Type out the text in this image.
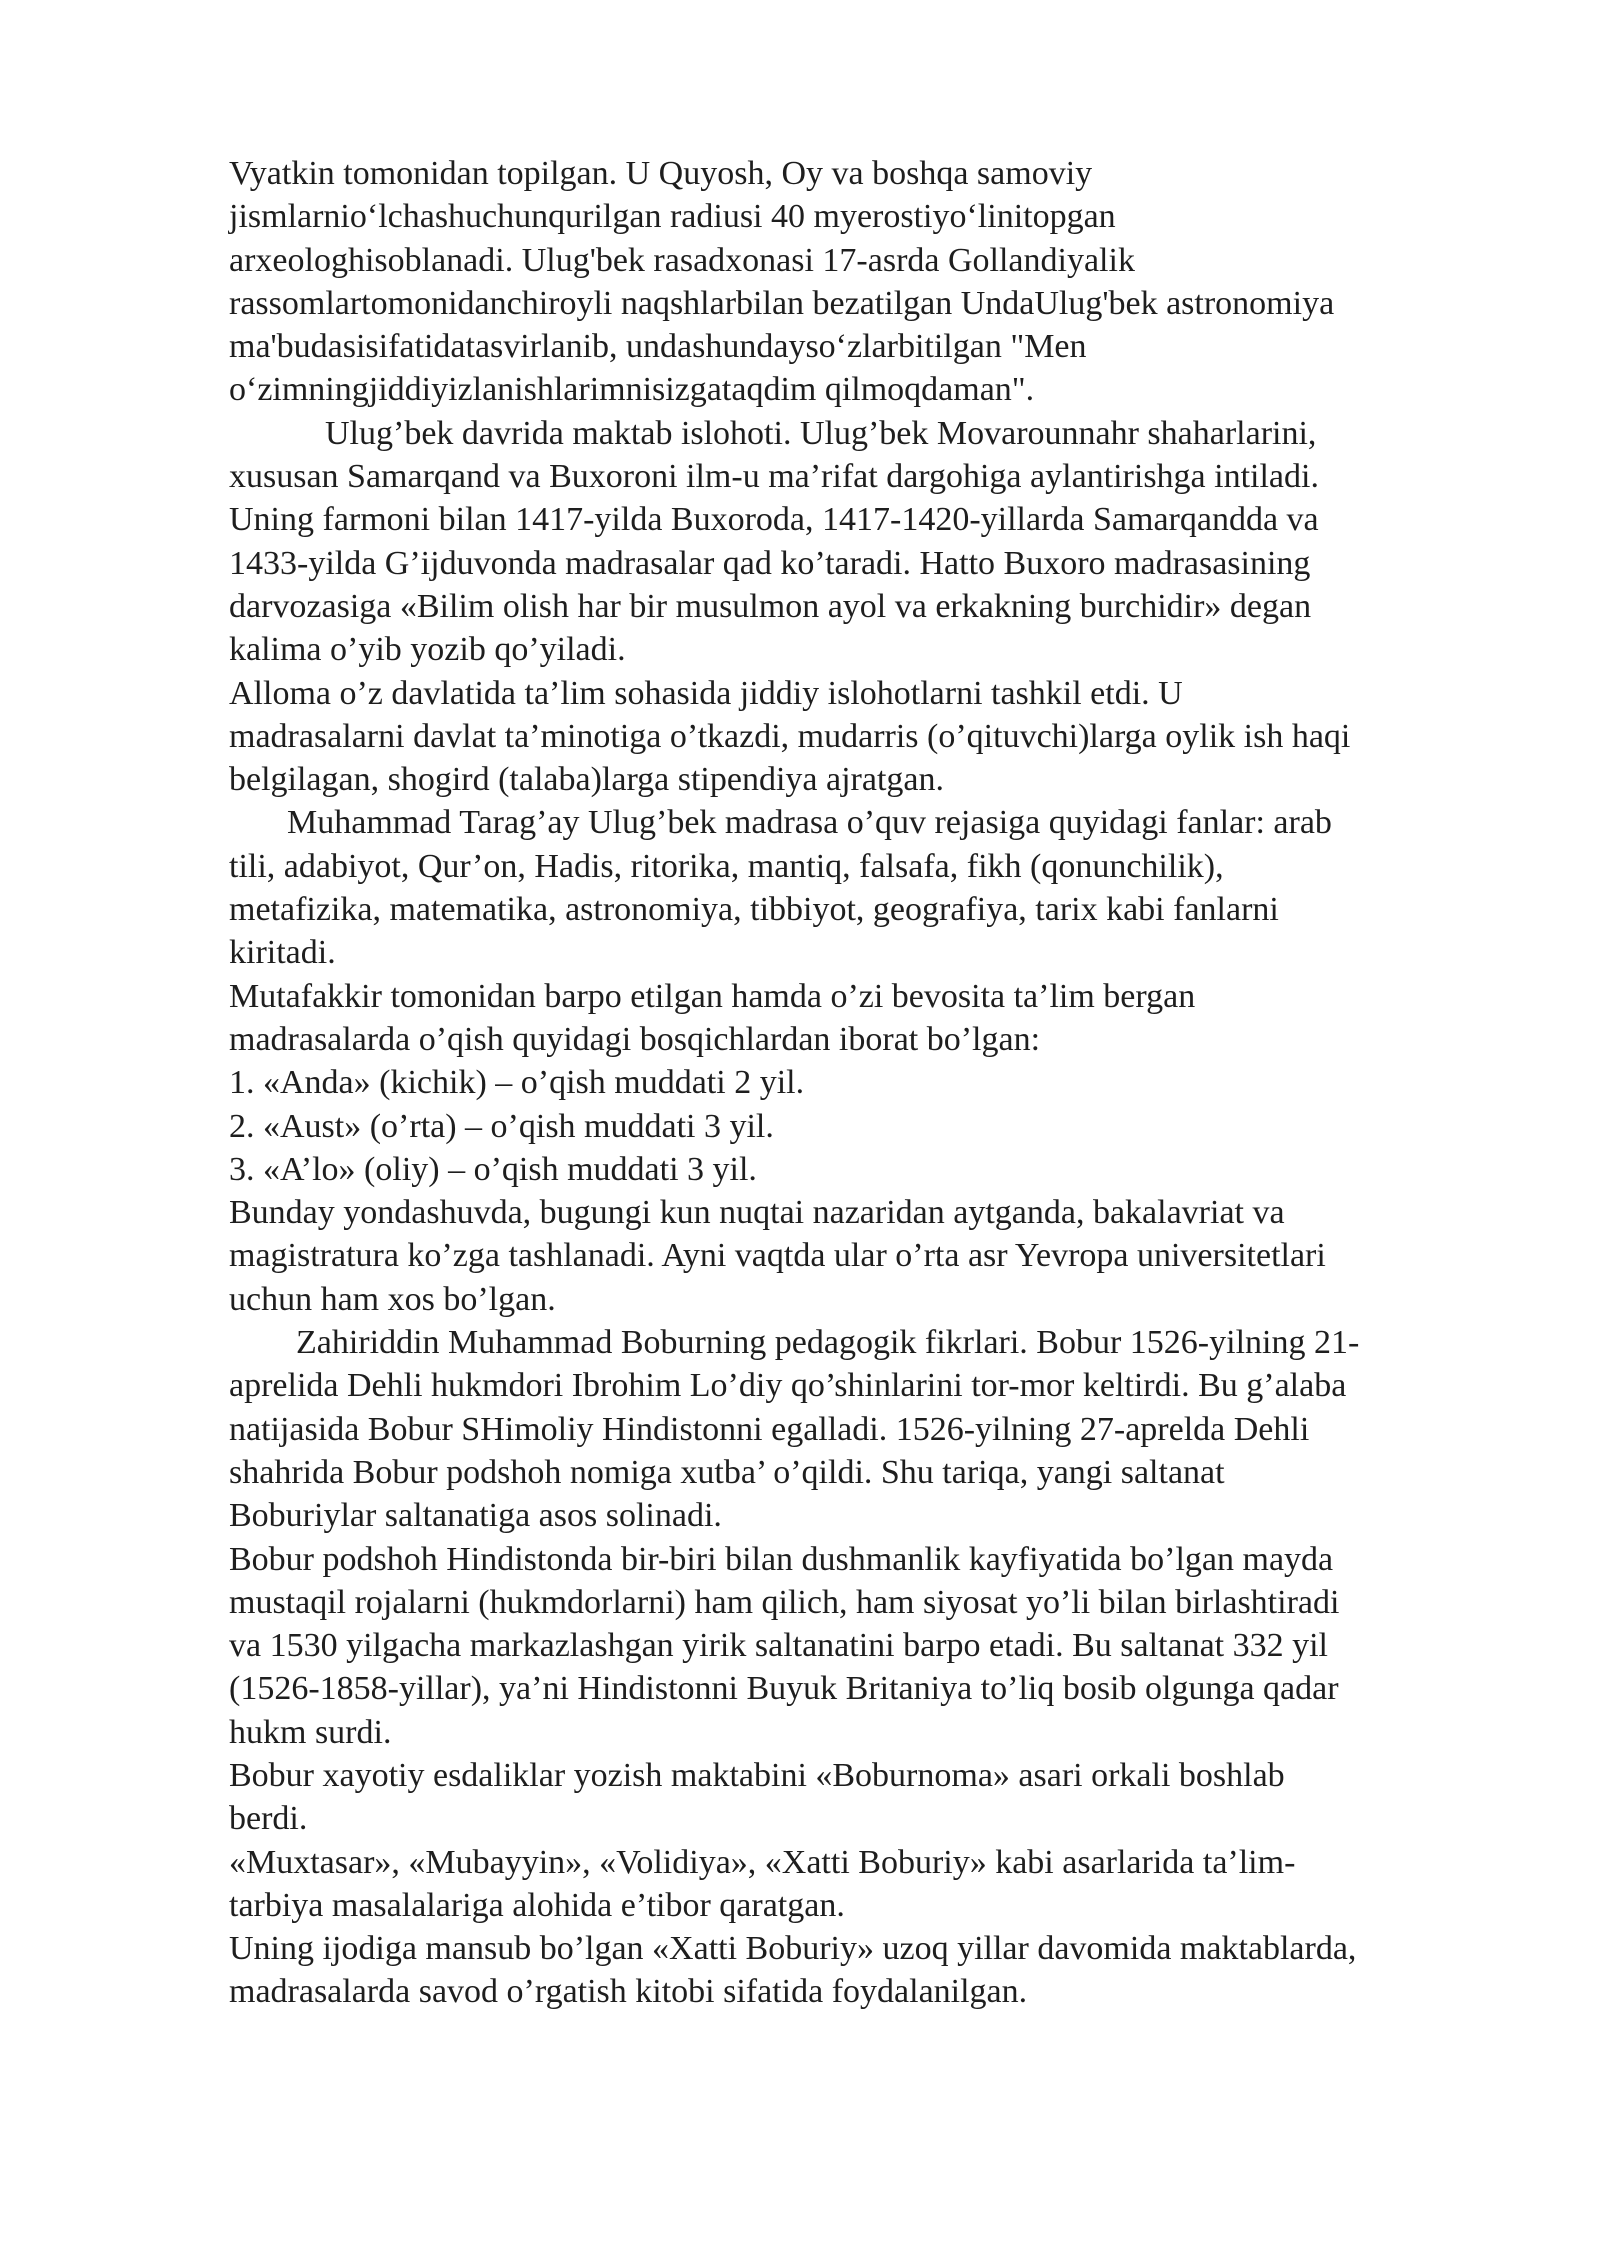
Vyatkin tomonidan topilgan. U Quyosh, Oy va boshqa samoviy

jismlarnio‘lchashuchunqurilgan radiusi 40 myerostiyo‘linitopgan

arxeologhisoblanadi. Ulug'bek rasadxonasi 17-asrda Gollandiyalik

rassomlartomonidanchiroyli naqshlarbilan bezatilgan UndaUlug'bek astronomiya

ma'budasisifatidatasvirlanib, undashundayso‘zlarbitilgan "Men

o‘zimningjiddiyizlanishlarimnisizgataqdim qilmoqdaman".

Ulug’bek davrida maktab islohoti. Ulug’bek Movarounnahr shaharlarini,

xususan Samarqand va Buxoroni ilm-u ma’rifat dargohiga aylantirishga intiladi.

Uning farmoni bilan 1417-yilda Buxoroda, 1417-1420-yillarda Samarqandda va

1433-yilda G’ijduvonda madrasalar qad ko’taradi. Hatto Buxoro madrasasining

darvozasiga «Bilim olish har bir musulmon ayol va erkakning burchidir» degan

kalima o’yib yozib qo’yiladi.

Alloma o’z davlatida ta’lim sohasida jiddiy islohotlarni tashkil etdi. U

madrasalarni davlat ta’minotiga o’tkazdi, mudarris (o’qituvchi)larga oylik ish haqi

belgilagan, shogird (talaba)larga stipendiya ajratgan.

Muhammad Tarag’ay Ulug’bek madrasa o’quv rejasiga quyidagi fanlar: arab

tili, adabiyot, Qur’on, Hadis, ritorika, mantiq, falsafa, fikh (qonunchilik),

metafizika, matematika, astronomiya, tibbiyot, geografiya, tarix kabi fanlarni

kiritadi.

Mutafakkir tomonidan barpo etilgan hamda o’zi bevosita ta’lim bergan

madrasalarda o’qish quyidagi bosqichlardan iborat bo’lgan:

1. «Anda» (kichik) – o’qish muddati 2 yil.

2. «Aust» (o’rta) – o’qish muddati 3 yil.

3. «A’lo» (oliy) – o’qish muddati 3 yil.

Bunday yondashuvda, bugungi kun nuqtai nazaridan aytganda, bakalavriat va

magistratura ko’zga tashlanadi. Ayni vaqtda ular o’rta asr Yevropa universitetlari

uchun ham xos bo’lgan.

Zahiriddin Muhammad Boburning pedagogik fikrlari. Bobur 1526-yilning 21-

aprelida Dehli hukmdori Ibrohim Lo’diy qo’shinlarini tor-mor keltirdi. Bu g’alaba

natijasida Bobur SHimoliy Hindistonni egalladi. 1526-yilning 27-aprelda Dehli

shahrida Bobur podshoh nomiga xutba’ o’qildi. Shu tariqa, yangi saltanat

Boburiylar saltanatiga asos solinadi.

Bobur podshoh Hindistonda bir-biri bilan dushmanlik kayfiyatida bo’lgan mayda

mustaqil rojalarni (hukmdorlarni) ham qilich, ham siyosat yo’li bilan birlashtiradi

va 1530 yilgacha markazlashgan yirik saltanatini barpo etadi. Bu saltanat 332 yil

(1526-1858-yillar), ya’ni Hindistonni Buyuk Britaniya to’liq bosib olgunga qadar

hukm surdi.

Bobur xayotiy esdaliklar yozish maktabini «Boburnoma» asari orkali boshlab

berdi.

«Muxtasar», «Mubayyin», «Volidiya», «Xatti Boburiy» kabi asarlarida ta’lim-

tarbiya masalalariga alohida e’tibor qaratgan.

Uning ijodiga mansub bo’lgan «Xatti Boburiy» uzoq yillar davomida maktablarda,

madrasalarda savod o’rgatish kitobi sifatida foydalanilgan.
